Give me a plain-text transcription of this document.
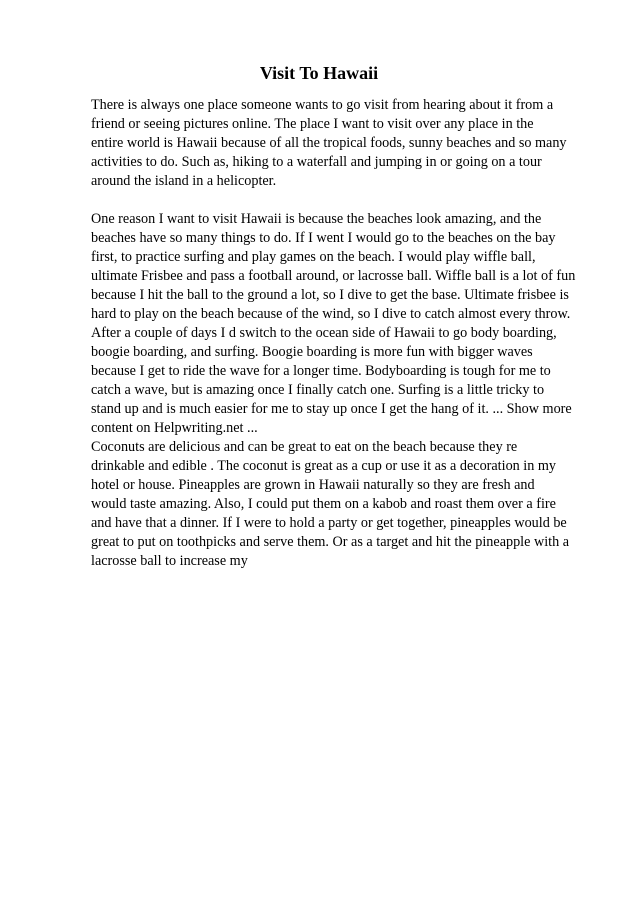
Visit To Hawaii
There is always one place someone wants to go visit from hearing about it from a
friend or seeing pictures online. The place I want to visit over any place in the
entire world is Hawaii because of all the tropical foods, sunny beaches and so many
activities to do. Such as, hiking to a waterfall and jumping in or going on a tour
around the island in a helicopter.
One reason I want to visit Hawaii is because the beaches look amazing, and the
beaches have so many things to do. If I went I would go to the beaches on the bay
first, to practice surfing and play games on the beach. I would play wiffle ball,
ultimate Frisbee and pass a football around, or lacrosse ball. Wiffle ball is a lot of fun
because I hit the ball to the ground a lot, so I dive to get the base. Ultimate frisbee is
hard to play on the beach because of the wind, so I dive to catch almost every throw.
After a couple of days I d switch to the ocean side of Hawaii to go body boarding,
boogie boarding, and surfing. Boogie boarding is more fun with bigger waves
because I get to ride the wave for a longer time. Bodyboarding is tough for me to
catch a wave, but is amazing once I finally catch one. Surfing is a little tricky to
stand up and is much easier for me to stay up once I get the hang of it. ... Show more
content on Helpwriting.net ...
Coconuts are delicious and can be great to eat on the beach because they re
drinkable and edible . The coconut is great as a cup or use it as a decoration in my
hotel or house. Pineapples are grown in Hawaii naturally so they are fresh and
would taste amazing. Also, I could put them on a kabob and roast them over a fire
and have that a dinner. If I were to hold a party or get together, pineapples would be
great to put on toothpicks and serve them. Or as a target and hit the pineapple with a
lacrosse ball to increase my
